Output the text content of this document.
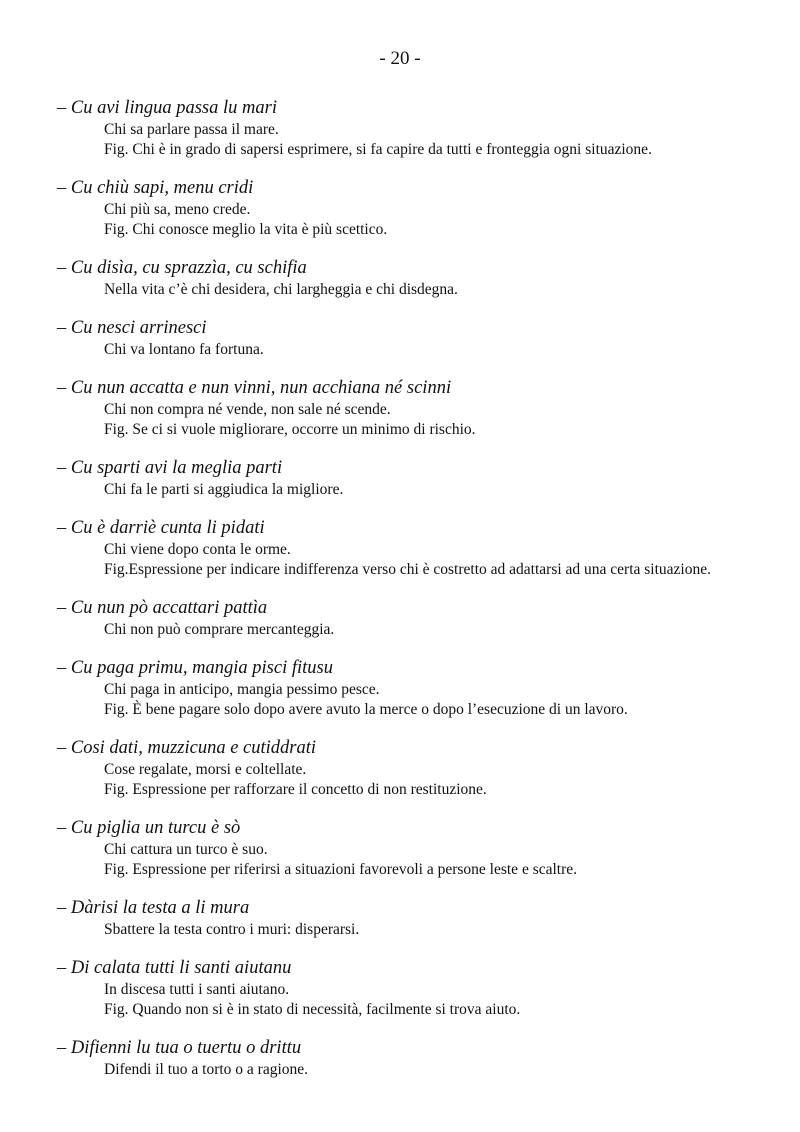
- 20 -
– Cu avi lingua passa lu mari
Chi sa parlare passa il mare.
Fig. Chi è in grado di sapersi esprimere, si fa capire da tutti e fronteggia ogni situazione.
– Cu chiù sapi, menu cridi
Chi più sa, meno crede.
Fig. Chi conosce meglio la vita è più scettico.
– Cu disìa, cu sprazzìa, cu schifia
Nella vita c’è chi desidera, chi largheggia e chi disdegna.
– Cu nesci arrinesci
Chi va lontano fa fortuna.
– Cu nun accatta e nun vinni, nun acchiana né scinni
Chi non compra né vende, non sale né scende.
Fig. Se ci si vuole migliorare, occorre un minimo di rischio.
– Cu sparti avi la meglia parti
Chi fa le parti si aggiudica la migliore.
– Cu è darriè cunta li pidati
Chi viene dopo conta le orme.
Fig.Espressione per indicare indifferenza verso chi è costretto ad adattarsi ad una certa situazione.
– Cu nun pò accattari pattìa
Chi non può comprare mercanteggia.
– Cu paga primu, mangia pisci fitusu
Chi paga in anticipo, mangia pessimo pesce.
Fig. È bene pagare solo dopo avere avuto la merce o dopo l’esecuzione di un lavoro.
– Cosi dati, muzzicuna e cutiddrati
Cose regalate, morsi e coltellate.
Fig. Espressione per rafforzare il concetto di non restituzione.
– Cu piglia un turcu è sò
Chi cattura un turco è suo.
Fig. Espressione per riferirsi a situazioni favorevoli a persone leste e scaltre.
– Dàrisi la testa a li mura
Sbattere la testa contro i muri: disperarsi.
– Di calata tutti li santi aiutanu
In discesa tutti i santi aiutano.
Fig. Quando non si è in stato di necessità, facilmente si trova aiuto.
– Difienni lu tua o tuertu o drittu
Difendi il tuo a torto o a ragione.
